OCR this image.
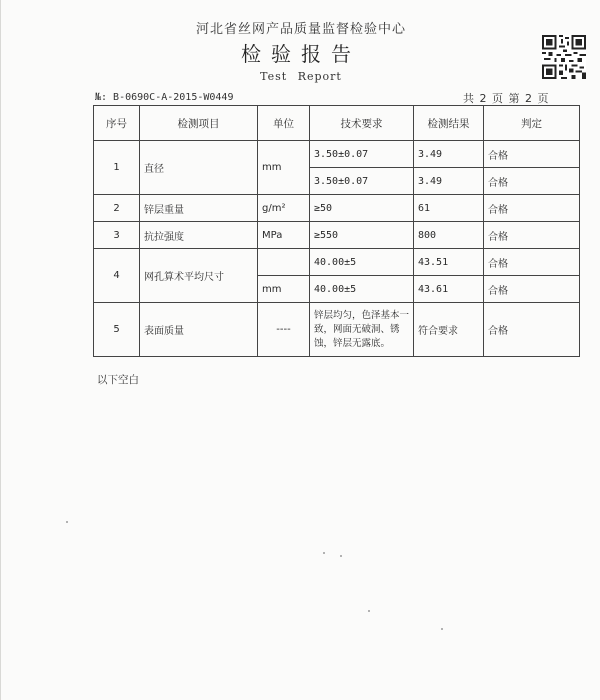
河北省丝网产品质量监督检验中心
检验报告
Test Report
№: B-0690C-A-2015-W0449	共 2 页 第 2 页
序号	检测项目	单位	技术要求	检测结果	判定
1	直径	mm	3.50±0.07	3.49	合格
			3.50±0.07	3.49	合格
2	锌层重量	g/m²	≥50	61	合格
3	抗拉强度	MPa	≥550	800	合格
4	网孔算术平均尺寸		40.00±5	43.51	合格
		mm	40.00±5	43.61	合格
5	表面质量	----	锌层均匀，色泽基本一致，网面无破洞、锈蚀，锌层无露底。	符合要求	合格
以下空白
